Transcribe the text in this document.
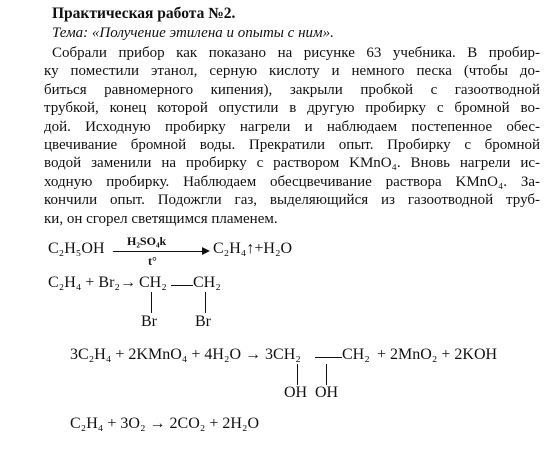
Практическая работа №2.
Тема: «Получение этилена и опыты с ним».

Собрали прибор как показано на рисунке 63 учебника. В пробир-

ку поместили этанол, серную кислоту и немного песка (чтобы до-

биться равномерного кипения), закрыли пробкой с газоотводной

трубкой, конец которой опустили в другую пробирку с бромной во-

дой. Исходную пробирку нагрели и наблюдаем постепенное обес-

цвечивание бромной воды. Прекратили опыт. Пробирку с бромной

водой заменили на пробирку с раствором KMnO₄. Вновь нагрели ис-

ходную пробирку. Наблюдаем обесцвечивание раствора KMnO₄. За-

кончили опыт. Подожгли газ, выделяющийся из газоотводной труб-

ки, он сгорел светящимся пламенем.

C₂H₅OH H₂SO₄k
t°
C₂H₄↑+H₂O
C₂H₄ + Br₂→ CH₂ CH₂
Br Br
3C₂H₄ + 2KMnO₄ + 4H₂O → 3CH₂	CH₂ + 2MnO₂ + 2KOH
OH OH
C₂H₄ + 3O₂ → 2CO₂ + 2H₂O
